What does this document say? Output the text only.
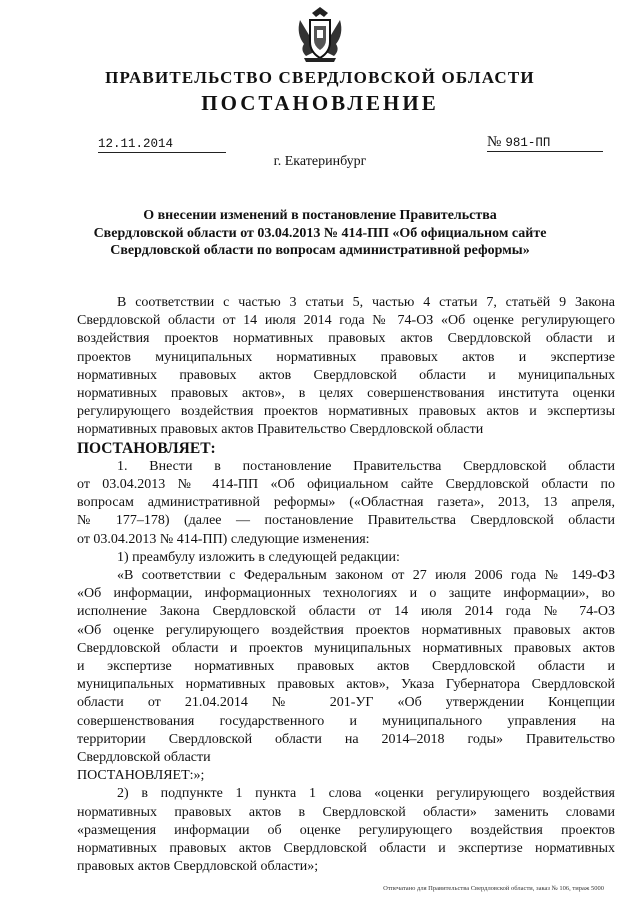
ПРАВИТЕЛЬСТВО СВЕРДЛОВСКОЙ ОБЛАСТИ
ПОСТАНОВЛЕНИЕ
12.11.2014	№ 981-ПП
г. Екатеринбург
О внесении изменений в постановление Правительства
Свердловской области от 03.04.2013 № 414-ПП «Об официальном сайте
Свердловской области по вопросам административной реформы»
В соответствии с частью 3 статьи 5, частью 4 статьи 7, статьёй 9 Закона
Свердловской области от 14 июля 2014 года № 74-ОЗ «Об оценке регулирующего
воздействия проектов нормативных правовых актов Свердловской области и
проектов муниципальных нормативных правовых актов и экспертизе
нормативных правовых актов Свердловской области и муниципальных
нормативных правовых актов», в целях совершенствования института оценки
регулирующего воздействия проектов нормативных правовых актов и экспертизы
нормативных правовых актов Правительство Свердловской области
ПОСТАНОВЛЯЕТ:
1. Внести в постановление Правительства Свердловской области
от 03.04.2013 № 414-ПП «Об официальном сайте Свердловской области по
вопросам административной реформы» («Областная газета», 2013, 13 апреля,
№ 177–178) (далее — постановление Правительства Свердловской области
от 03.04.2013 № 414-ПП) следующие изменения:
1) преамбулу изложить в следующей редакции:
«В соответствии с Федеральным законом от 27 июля 2006 года № 149-ФЗ
«Об информации, информационных технологиях и о защите информации», во
исполнение Закона Свердловской области от 14 июля 2014 года № 74-ОЗ
«Об оценке регулирующего воздействия проектов нормативных правовых актов
Свердловской области и проектов муниципальных нормативных правовых актов
и экспертизе нормативных правовых актов Свердловской области и
муниципальных нормативных правовых актов», Указа Губернатора Свердловской
области от 21.04.2014 № 201-УГ «Об утверждении Концепции
совершенствования государственного и муниципального управления на
территории Свердловской области на 2014–2018 годы» Правительство
Свердловской области
ПОСТАНОВЛЯЕТ:»;
2) в подпункте 1 пункта 1 слова «оценки регулирующего воздействия
нормативных правовых актов в Свердловской области» заменить словами
«размещения информации об оценке регулирующего воздействия проектов
нормативных правовых актов Свердловской области и экспертизе нормативных
правовых актов Свердловской области»;
Отпечатано для Правительства Свердловской области, заказ № 106, тираж 5000
